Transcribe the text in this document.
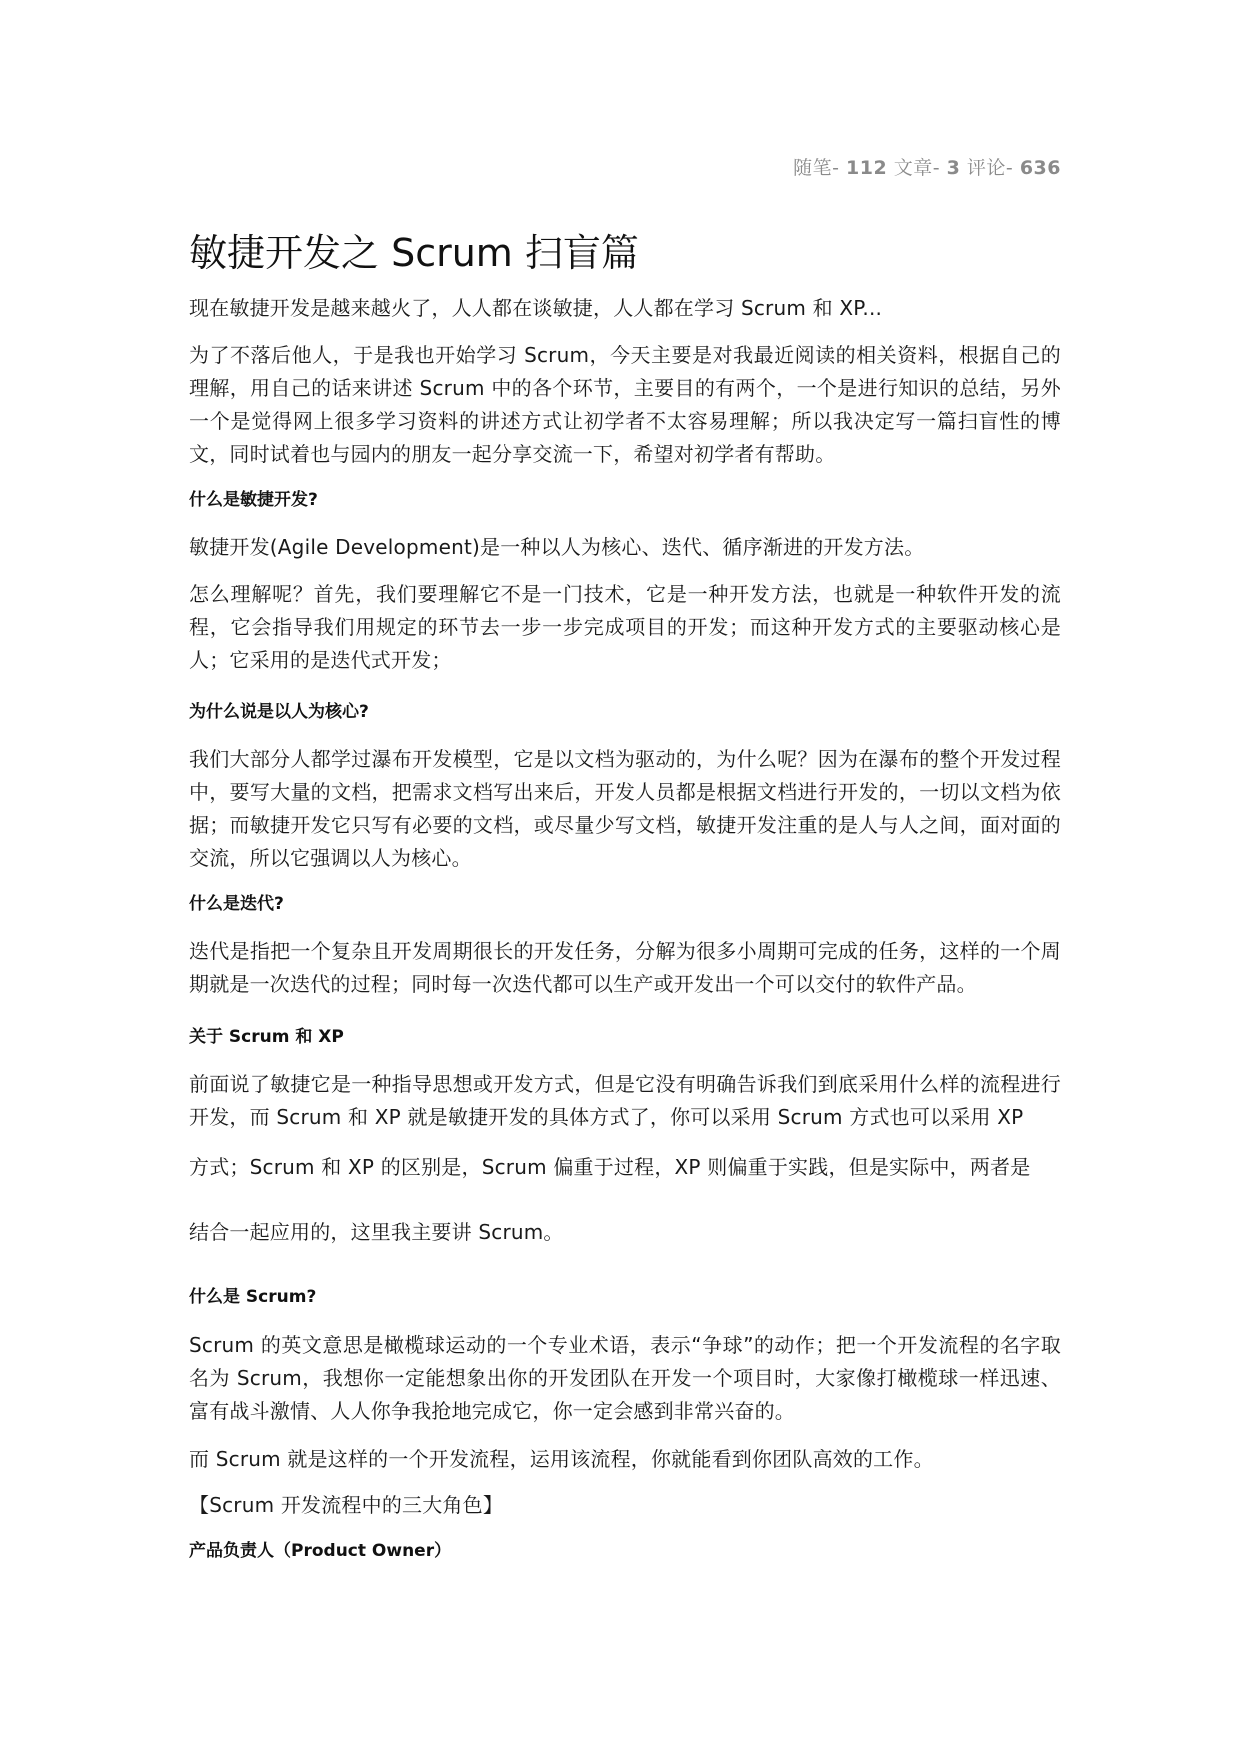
随笔- 112 文章- 3 评论- 636
敏捷开发之 Scrum 扫盲篇

现在敏捷开发是越来越火了，人人都在谈敏捷，人人都在学习 Scrum 和 XP...

为了不落后他人，于是我也开始学习 Scrum，今天主要是对我最近阅读的相关资料，根据自己的理解，用自己的话来讲述 Scrum 中的各个环节，主要目的有两个，一个是进行知识的总结，另外一个是觉得网上很多学习资料的讲述方式让初学者不太容易理解；所以我决定写一篇扫盲性的博文，同时试着也与园内的朋友一起分享交流一下，希望对初学者有帮助。

什么是敏捷开发?

敏捷开发(Agile Development)是一种以人为核心、迭代、循序渐进的开发方法。

怎么理解呢？首先，我们要理解它不是一门技术，它是一种开发方法，也就是一种软件开发的流程，它会指导我们用规定的环节去一步一步完成项目的开发；而这种开发方式的主要驱动核心是人；它采用的是迭代式开发；

为什么说是以人为核心?

我们大部分人都学过瀑布开发模型，它是以文档为驱动的，为什么呢？因为在瀑布的整个开发过程中，要写大量的文档，把需求文档写出来后，开发人员都是根据文档进行开发的，一切以文档为依据；而敏捷开发它只写有必要的文档，或尽量少写文档，敏捷开发注重的是人与人之间，面对面的交流，所以它强调以人为核心。

什么是迭代?

迭代是指把一个复杂且开发周期很长的开发任务，分解为很多小周期可完成的任务，这样的一个周期就是一次迭代的过程；同时每一次迭代都可以生产或开发出一个可以交付的软件产品。

关于 Scrum 和 XP

前面说了敏捷它是一种指导思想或开发方式，但是它没有明确告诉我们到底采用什么样的流程进行开发，而 Scrum 和 XP 就是敏捷开发的具体方式了，你可以采用 Scrum 方式也可以采用 XP

方式；Scrum 和 XP 的区别是，Scrum 偏重于过程，XP 则偏重于实践，但是实际中，两者是

结合一起应用的，这里我主要讲 Scrum。

什么是 Scrum?

Scrum 的英文意思是橄榄球运动的一个专业术语，表示“争球”的动作；把一个开发流程的名字取名为 Scrum，我想你一定能想象出你的开发团队在开发一个项目时，大家像打橄榄球一样迅速、富有战斗激情、人人你争我抢地完成它，你一定会感到非常兴奋的。

而 Scrum 就是这样的一个开发流程，运用该流程，你就能看到你团队高效的工作。

【Scrum 开发流程中的三大角色】

产品负责人（Product Owner）
